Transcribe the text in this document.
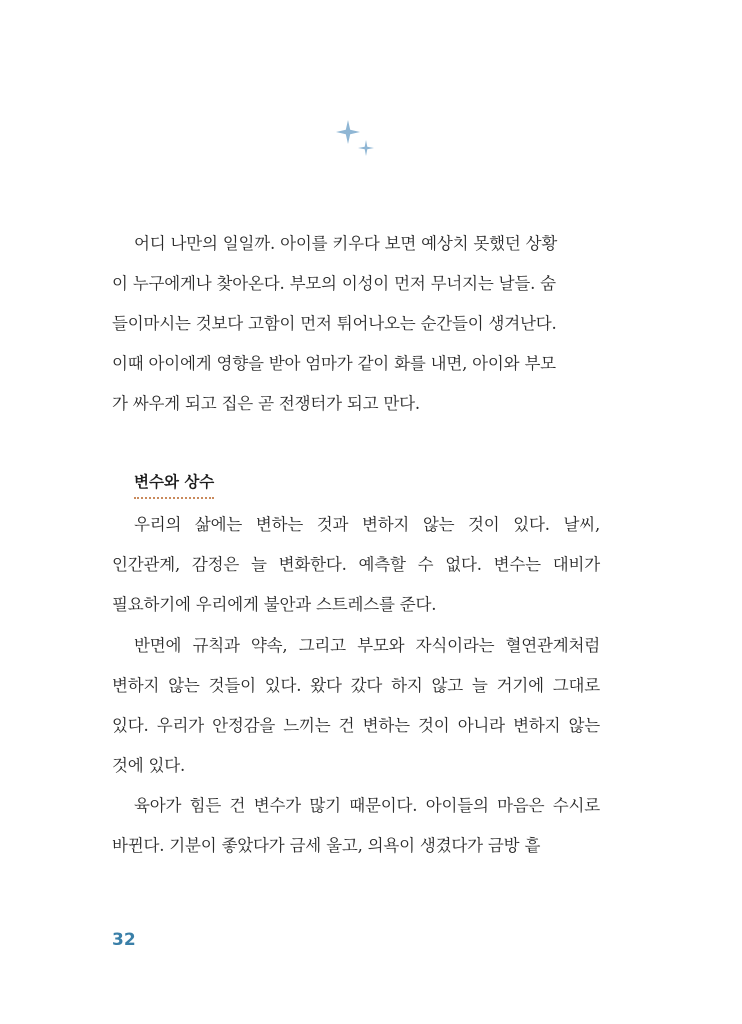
어디 나만의 일일까. 아이를 키우다 보면 예상치 못했던 상황
이 누구에게나 찾아온다. 부모의 이성이 먼저 무너지는 날들. 숨
들이마시는 것보다 고함이 먼저 튀어나오는 순간들이 생겨난다.
이때 아이에게 영향을 받아 엄마가 같이 화를 내면, 아이와 부모
가 싸우게 되고 집은 곧 전쟁터가 되고 만다.
변수와 상수

우리의 삶에는 변하는 것과 변하지 않는 것이 있다. 날씨, 인간관계, 감정은 늘 변화한다. 예측할 수 없다. 변수는 대비가 필요하기에 우리에게 불안과 스트레스를 준다.

반면에 규칙과 약속, 그리고 부모와 자식이라는 혈연관계처럼 변하지 않는 것들이 있다. 왔다 갔다 하지 않고 늘 거기에 그대로 있다. 우리가 안정감을 느끼는 건 변하는 것이 아니라 변하지 않는 것에 있다.

육아가 힘든 건 변수가 많기 때문이다. 아이들의 마음은 수시로 바뀐다. 기분이 좋았다가 금세 울고, 의욕이 생겼다가 금방 흩

32
